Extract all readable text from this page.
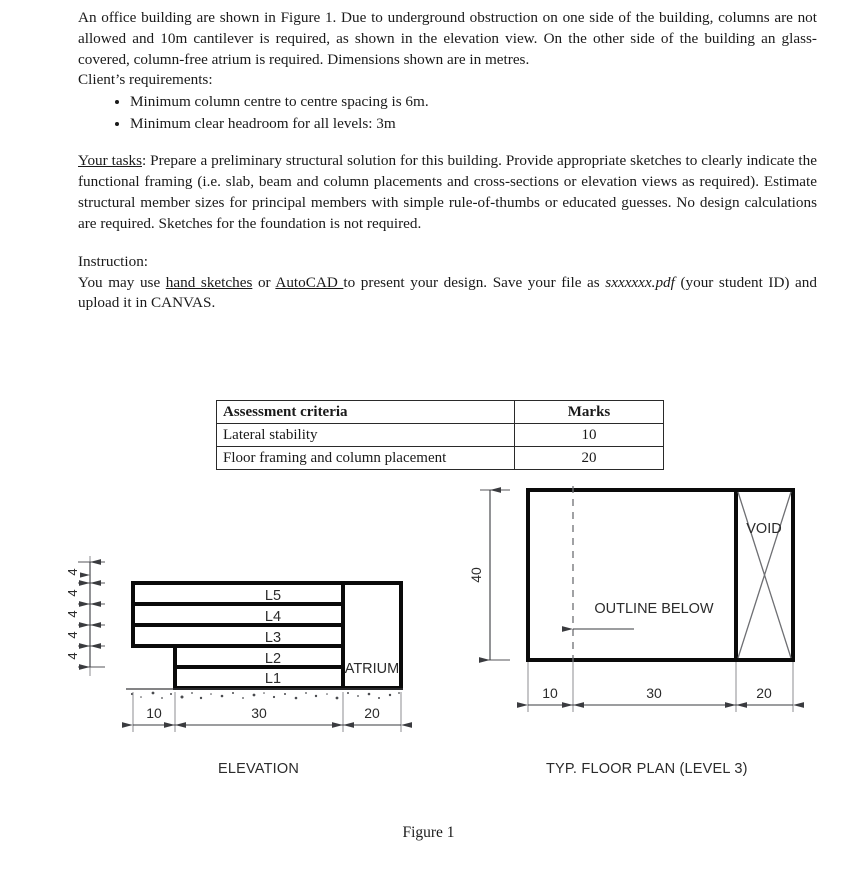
An office building are shown in Figure 1. Due to underground obstruction on one side of the building, columns are not allowed and 10m cantilever is required, as shown in the elevation view. On the other side of the building an glass-covered, column-free atrium is required. Dimensions shown are in metres.

Client’s requirements:

• Minimum column centre to centre spacing is 6m.
• Minimum clear headroom for all levels: 3m

Your tasks: Prepare a preliminary structural solution for this building. Provide appropriate sketches to clearly indicate the functional framing (i.e. slab, beam and column placements and cross-sections or elevation views as required). Estimate structural member sizes for principal members with simple rule-of-thumbs or educated guesses. No design calculations are required. Sketches for the foundation is not required.

Instruction:

You may use hand sketches or AutoCAD to present your design. Save your file as sxxxxxx.pdf (your student ID) and upload it in CANVAS.

Assessment criteria	Marks
Lateral stability	10
Floor framing and column placement	20
4
4
4
4
4
ATRIUM
L5
L4
L3
L2
L1
10	30	20
40
VOID
OUTLINE BELOW
10	30	20
ELEVATION	TYP. FLOOR PLAN (LEVEL 3)
Figure 1
